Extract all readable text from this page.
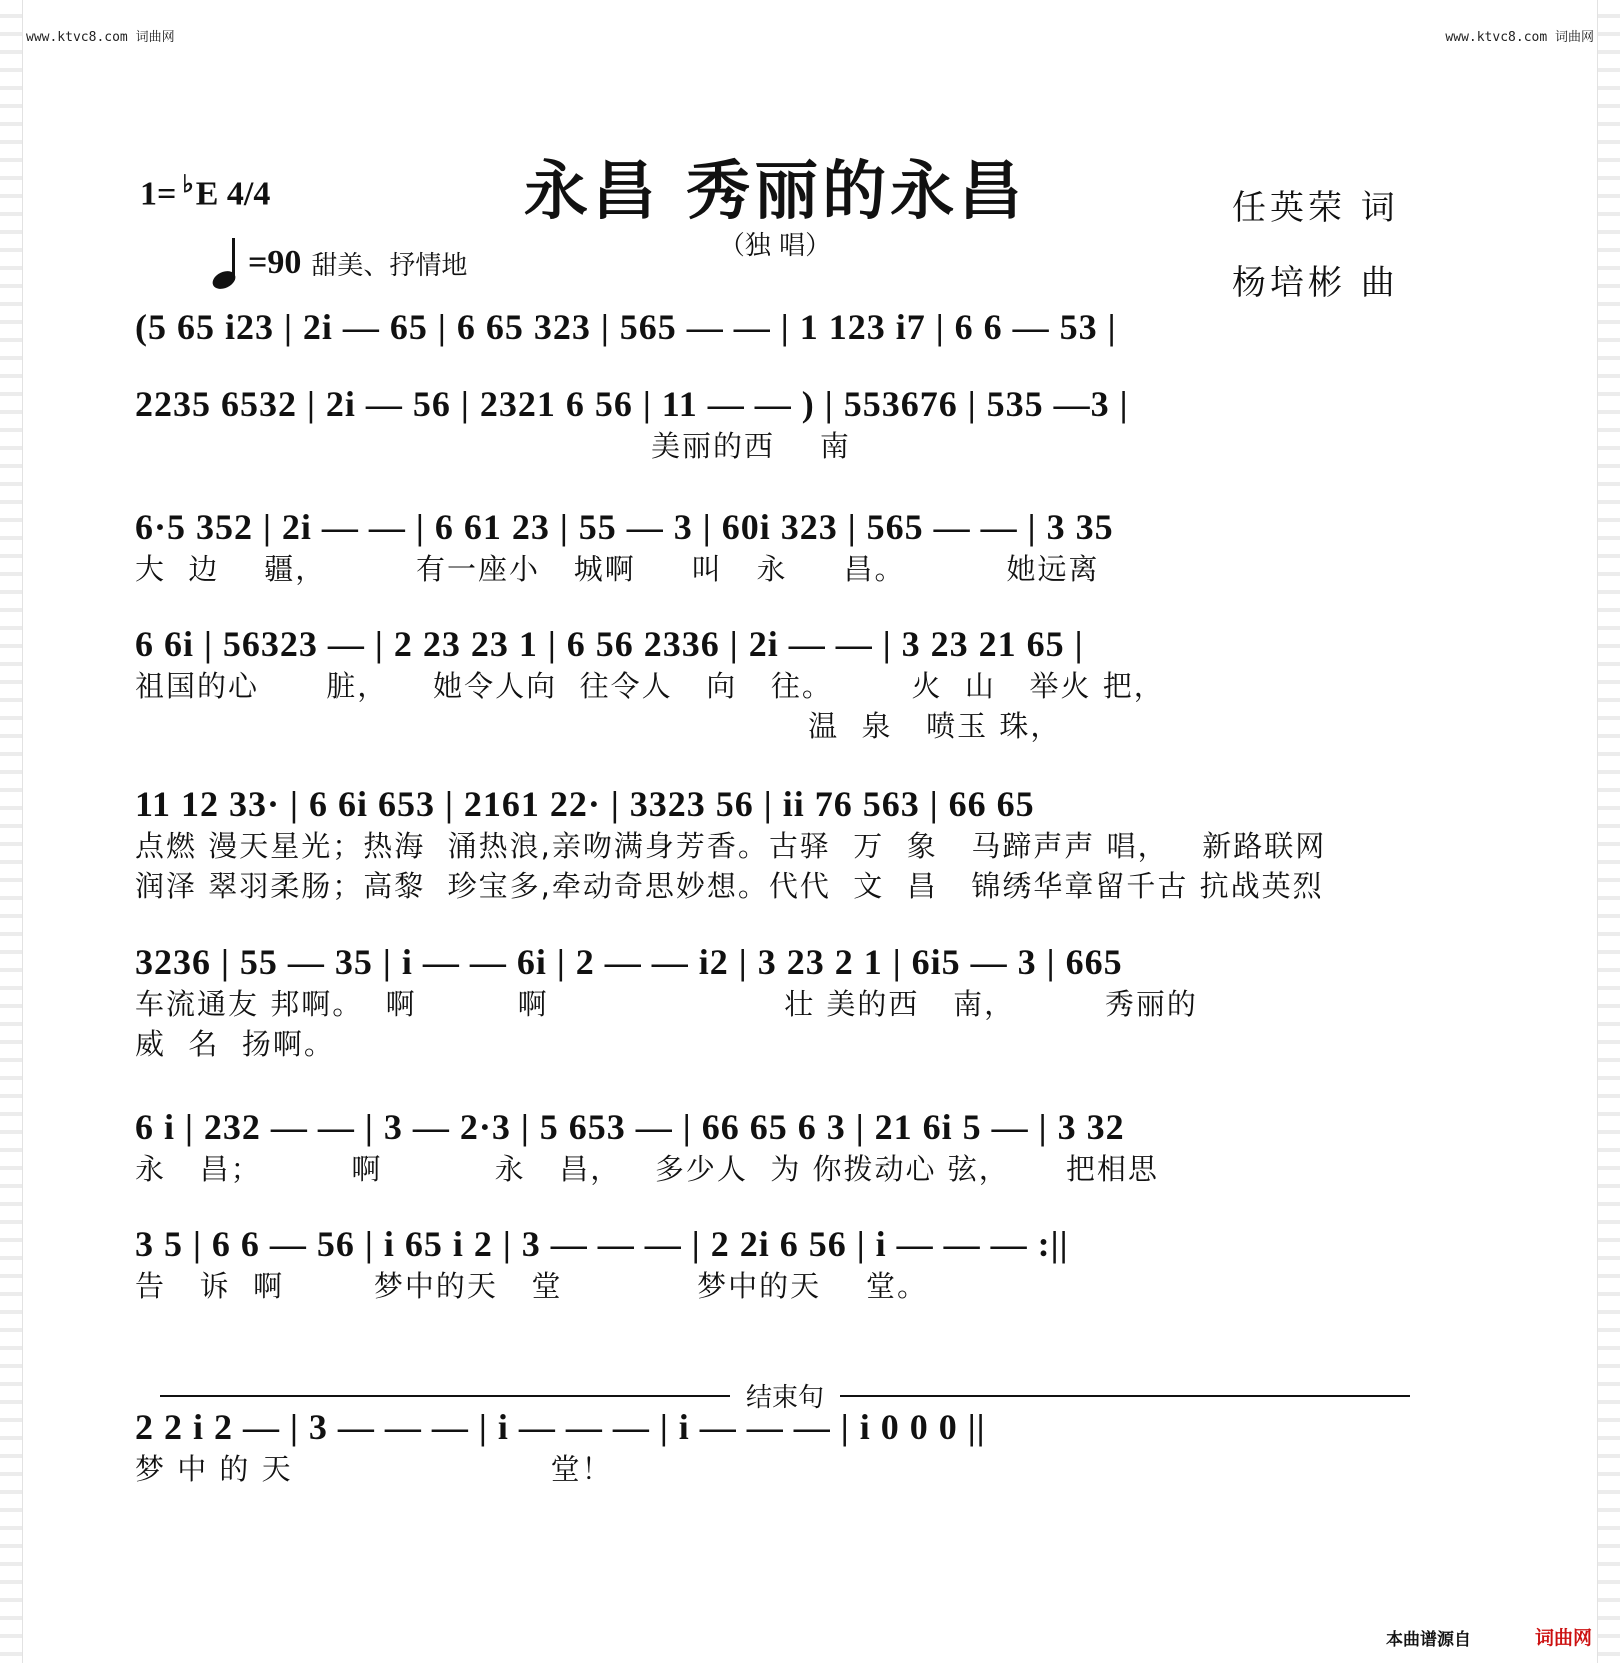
www.ktvc8.com 词曲网	www.ktvc8.com 词曲网
1= ♭E 4/4
=90 甜美、抒情地
永昌 秀丽的永昌
（独 唱）
任英荣 词
杨培彬 曲
(5 65 i23 | 2i — 65 | 6 65 323 | 565 — — | 1 123 i7 | 6 6 — 53 |
2235 6532 | 2i — 56 | 2321 6 56 | 11 — — ) | 553676 | 535 —3 |
美丽的西    南
6·5 352 | 2i — — | 6 61 23 | 55 — 3 | 60i 323 | 565 — — | 3 35
大  边    疆，        有一座小   城啊     叫   永     昌。         她远离
6 6i | 56323 — | 2 23 23 1 | 6 56 2336 | 2i — — | 3 23 21 65 |
祖国的心      脏，    她令人向  往令人   向   往。       火  山   举火 把，
温  泉   喷玉 珠，
11 12 33· | 6 6i 653 | 2161 22· | 3323 56 | ii 76 563 | 66 65
点燃 漫天星光；热海  涌热浪,亲吻满身芳香。古驿  万  象   马蹄声声 唱，   新路联网
润泽 翠羽柔肠；高黎  珍宝多,牵动奇思妙想。代代  文  昌   锦绣华章留千古 抗战英烈
3236 | 55 — 35 | i — — 6i | 2 — — i2 | 3 23 2 1 | 6i5 — 3 | 665
车流通友 邦啊。  啊         啊                     壮 美的西   南，        秀丽的
威  名  扬啊。
6 i | 232 — — | 3 — 2·3 | 5 653 — | 66 65 6 3 | 21 6i 5 — | 3 32
永   昌；        啊          永   昌，   多少人  为 你拨动心 弦，     把相思
3 5 | 6 6 — 56 | i 65 i 2 | 3 — — — | 2 2i 6 56 | i — — — :||
告   诉  啊        梦中的天   堂            梦中的天    堂。
结束句
2 2 i 2 — | 3 — — — | i — — — | i — — — | i 0 0 0 ||
梦 中 的 天                       堂！
本曲谱源自	词曲网
